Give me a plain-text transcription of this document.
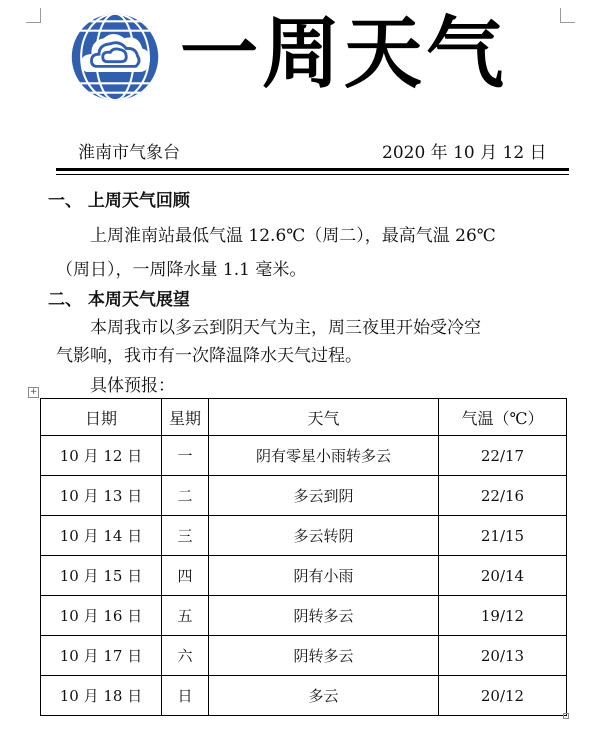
一周天气
淮南市气象台	2020 年 10 月 12 日
一、 上周天气回顾
上周淮南站最低气温 12.6℃（周二），最高气温 26℃
（周日），一周降水量 1.1 毫米。
二、 本周天气展望
本周我市以多云到阴天气为主，周三夜里开始受冷空
气影响，我市有一次降温降水天气过程。
具体预报：
+
日期	星期	天气	气温（℃）
10 月 12 日	一	阴有零星小雨转多云	22/17
10 月 13 日	二	多云到阴	22/16
10 月 14 日	三	多云转阴	21/15
10 月 15 日	四	阴有小雨	20/14
10 月 16 日	五	阴转多云	19/12
10 月 17 日	六	阴转多云	20/13
10 月 18 日	日	多云	20/12
